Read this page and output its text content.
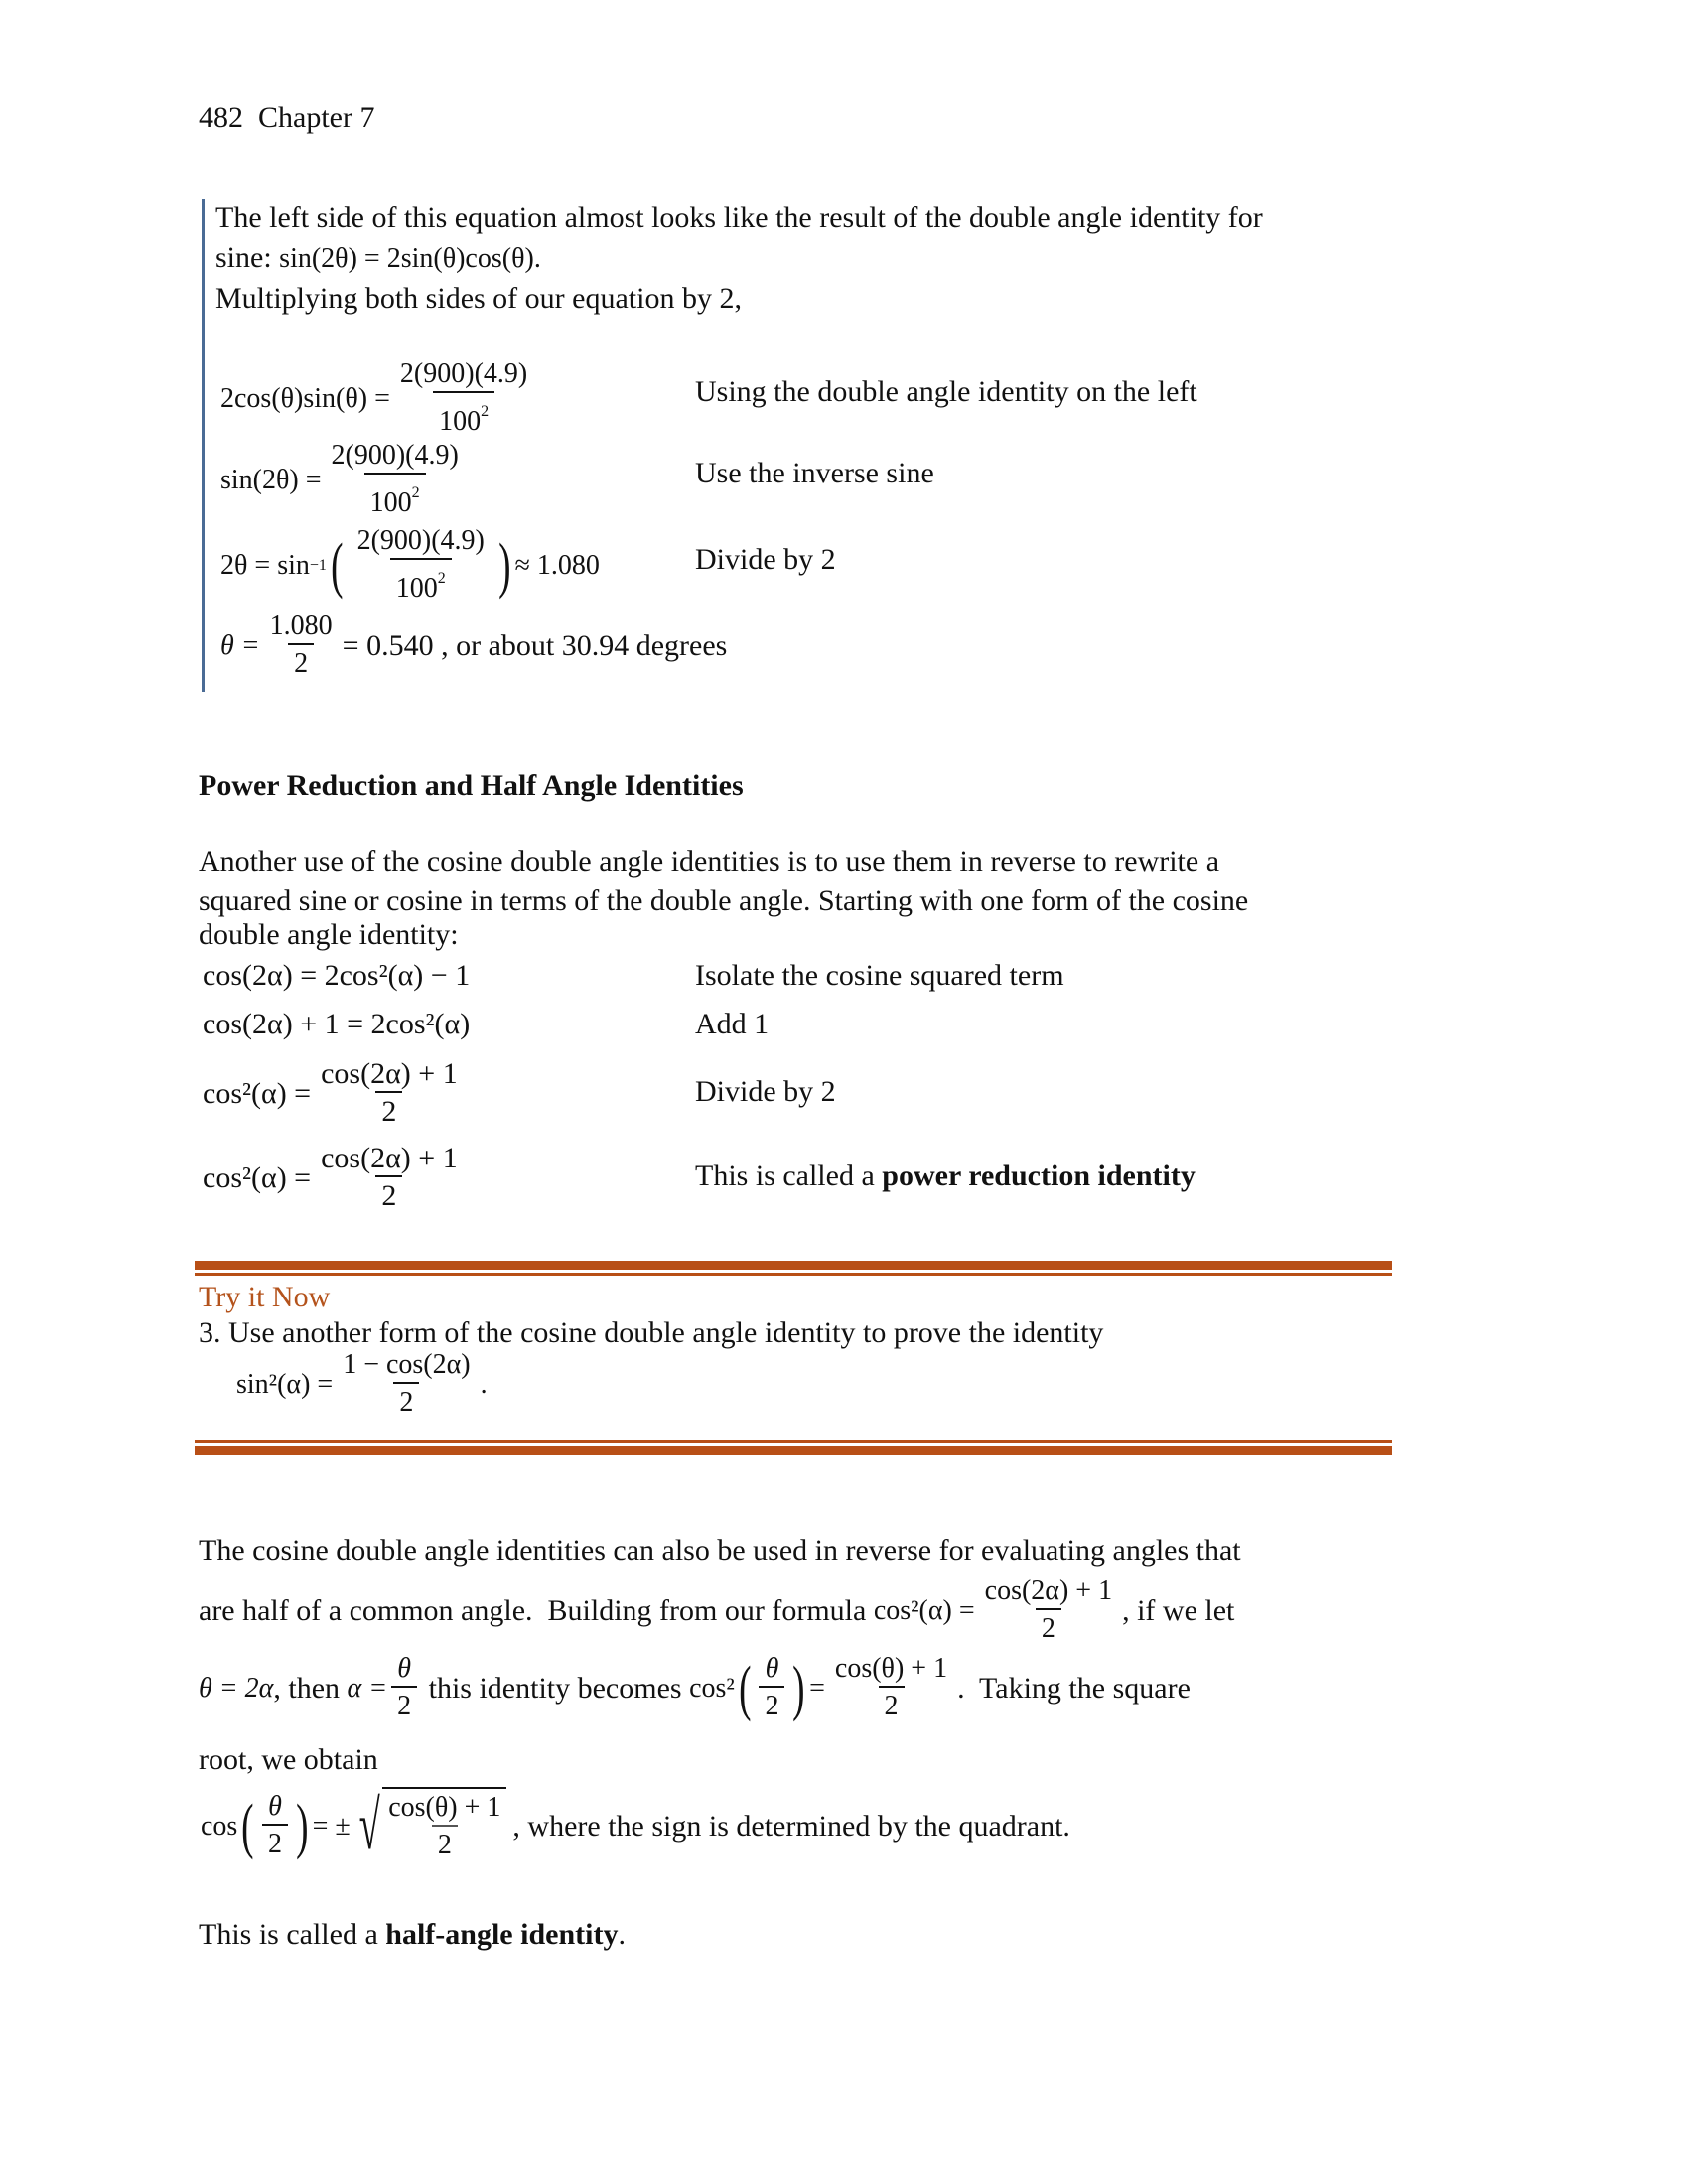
482 Chapter 7
The left side of this equation almost looks like the result of the double angle identity for
sine: sin(2θ) = 2sin(θ)cos(θ).
Multiplying both sides of our equation by 2,
$2\cos(\theta)\sin(\theta) = \frac{2(900)(4.9)}{100^2}$	Using the double angle identity on the left
$\sin(2\theta) = \frac{2(900)(4.9)}{100^2}$	Use the inverse sine
2θ = sin −1 ( $\frac{2(900)(4.9)}{100^2}$ ) ≈ 1.080	Divide by 2
$\theta = \frac{1.080}{2} = 0.540$ , or about 30.94 degrees
Power Reduction and Half Angle Identities
Another use of the cosine double angle identities is to use them in reverse to rewrite a
squared sine or cosine in terms of the double angle. Starting with one form of the cosine
double angle identity:
cos(2α) = 2cos²(α) − 1	Isolate the cosine squared term
cos(2α) + 1 = 2cos²(α)	Add 1
$\cos^2(\alpha) = \frac{\cos(2\alpha) + 1}{2}$	Divide by 2
$\cos^2(\alpha) = \frac{\cos(2\alpha) + 1}{2}$	This is called a power reduction identity
Try it Now
3. Use another form of the cosine double angle identity to prove the identity
$\sin^2(\alpha) = \frac{1 - \cos(2\alpha)}{2}$ .
The cosine double angle identities can also be used in reverse for evaluating angles that
are half of a common angle.  Building from our formula $\cos^2(\alpha) = \frac{\cos(2\alpha) + 1}{2}$ , if we let
θ = 2α , then $\alpha = \frac{\theta}{2}$ this identity becomes cos² ( $\frac{\theta}{2}$ ) = $\frac{\cos(\theta) + 1}{2}$ .  Taking the square
root, we obtain
cos ( $\frac{\theta}{2}$ ) = ± √ $\frac{\cos(\theta) + 1}{2}$ , where the sign is determined by the quadrant.
This is called a half-angle identity.
